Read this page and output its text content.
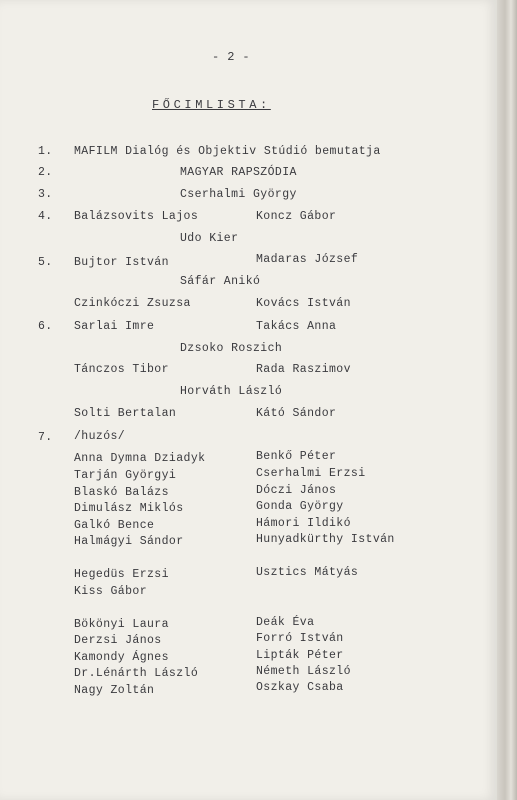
- 2 -
FŐCIMLISTA:
1. MAFILM Dialóg és Objektiv Stúdió bemutatja
2.	MAGYAR RAPSZÓDIA
3.	Cserhalmi György
4. Balázsovits Lajos	Koncz Gábor
Udo Kier
5. Bujtor István	Madaras József
Sáfár Anikó
Czinkóczi Zsuzsa	Kovács István
6. Sarlai Imre	Takács Anna
Dzsoko Roszich
Tánczos Tibor	Rada Raszimov
Horváth László
Solti Bertalan	Kátó Sándor
7. /huzós/
Anna Dymna Dziadyk	Benkő Péter
Tarján Györgyi	Cserhalmi Erzsi
Blaskó Balázs	Dóczi János
Dimulász Miklós	Gonda György
Galkó Bence	Hámori Ildikó
Halmágyi Sándor	Hunyadkürthy István
Hegedüs Erzsi	Usztics Mátyás
Kiss Gábor
Bökönyi Laura	Deák Éva
Derzsi János	Forró István
Kamondy Ágnes	Lipták Péter
Dr.Lénárth László	Németh László
Nagy Zoltán	Oszkay Csaba
